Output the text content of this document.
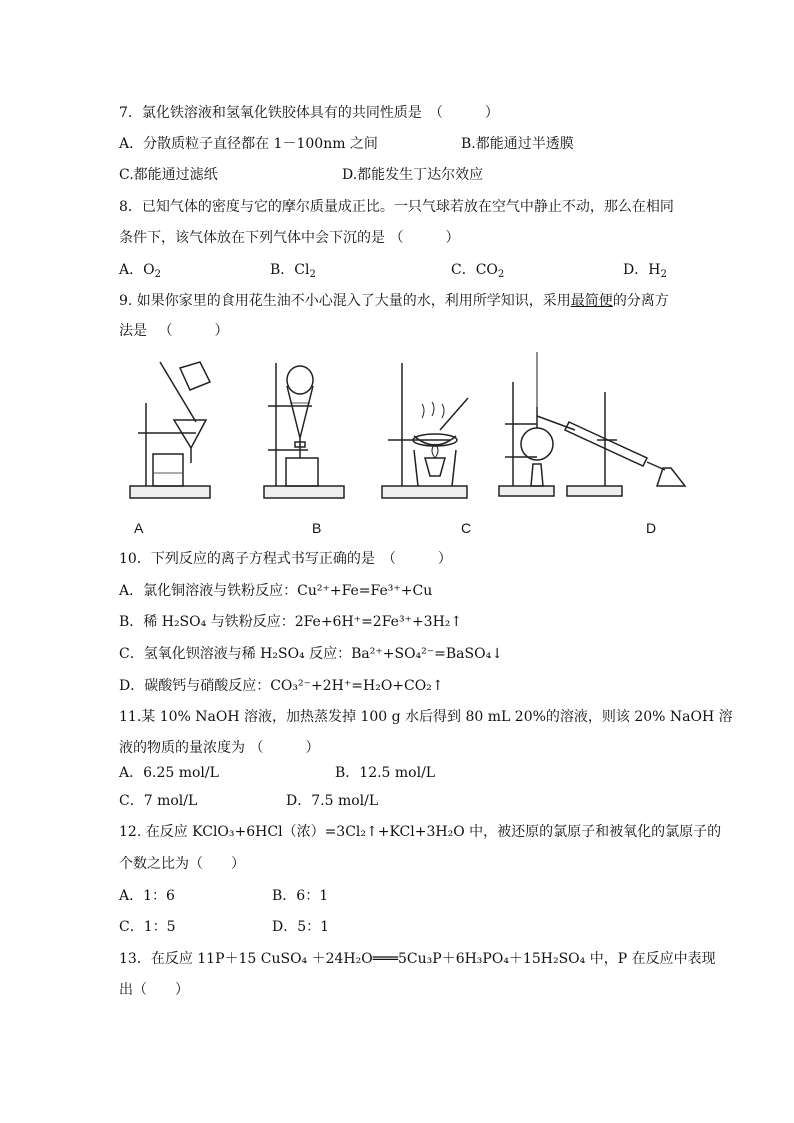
7．氯化铁溶液和氢氧化铁胶体具有的共同性质是　（　　　）
A．分散质粒子直径都在 1－100nm 之间	B.都能通过半透膜
C.都能通过滤纸	D.都能发生丁达尔效应
8．已知气体的密度与它的摩尔质量成正比。一只气球若放在空气中静止不动，那么在相同
条件下，该气体放在下列气体中会下沉的是 （　　　）
A．$O_2$	B．$Cl_2$	C．$CO_2$	D．$H_2$
9. 如果你家里的食用花生油不小心混入了大量的水，利用所学知识，采用最简便的分离方
法是 　（　　　）
A	B	C	D
10．下列反应的离子方程式书写正确的是　（　　　）
A．氯化铜溶液与铁粉反应：Cu²⁺+Fe=Fe³⁺+Cu
B．稀 H₂SO₄ 与铁粉反应：2Fe+6H⁺=2Fe³⁺+3H₂↑
C．氢氧化钡溶液与稀 H₂SO₄ 反应：Ba²⁺+SO₄²⁻=BaSO₄↓
D．碳酸钙与硝酸反应：CO₃²⁻+2H⁺=H₂O+CO₂↑
11.某 10% NaOH 溶液，加热蒸发掉 100 g 水后得到 80 mL 20%的溶液，则该 20% NaOH 溶
液的物质的量浓度为 （　　　）
A．6.25 mol/L	B．12.5 mol/L
C．7 mol/L	D．7.5 mol/L
12. 在反应 KClO₃+6HCl（浓）=3Cl₂↑+KCl+3H₂O 中，被还原的氯原子和被氧化的氯原子的
个数之比为（　　）
A．1：6	B．6：1
C．1：5	D．5：1
13．在反应 11P＋15 CuSO₄ ＋24H₂O═══5Cu₃P＋6H₃PO₄＋15H₂SO₄ 中，P 在反应中表现
出（　　）
